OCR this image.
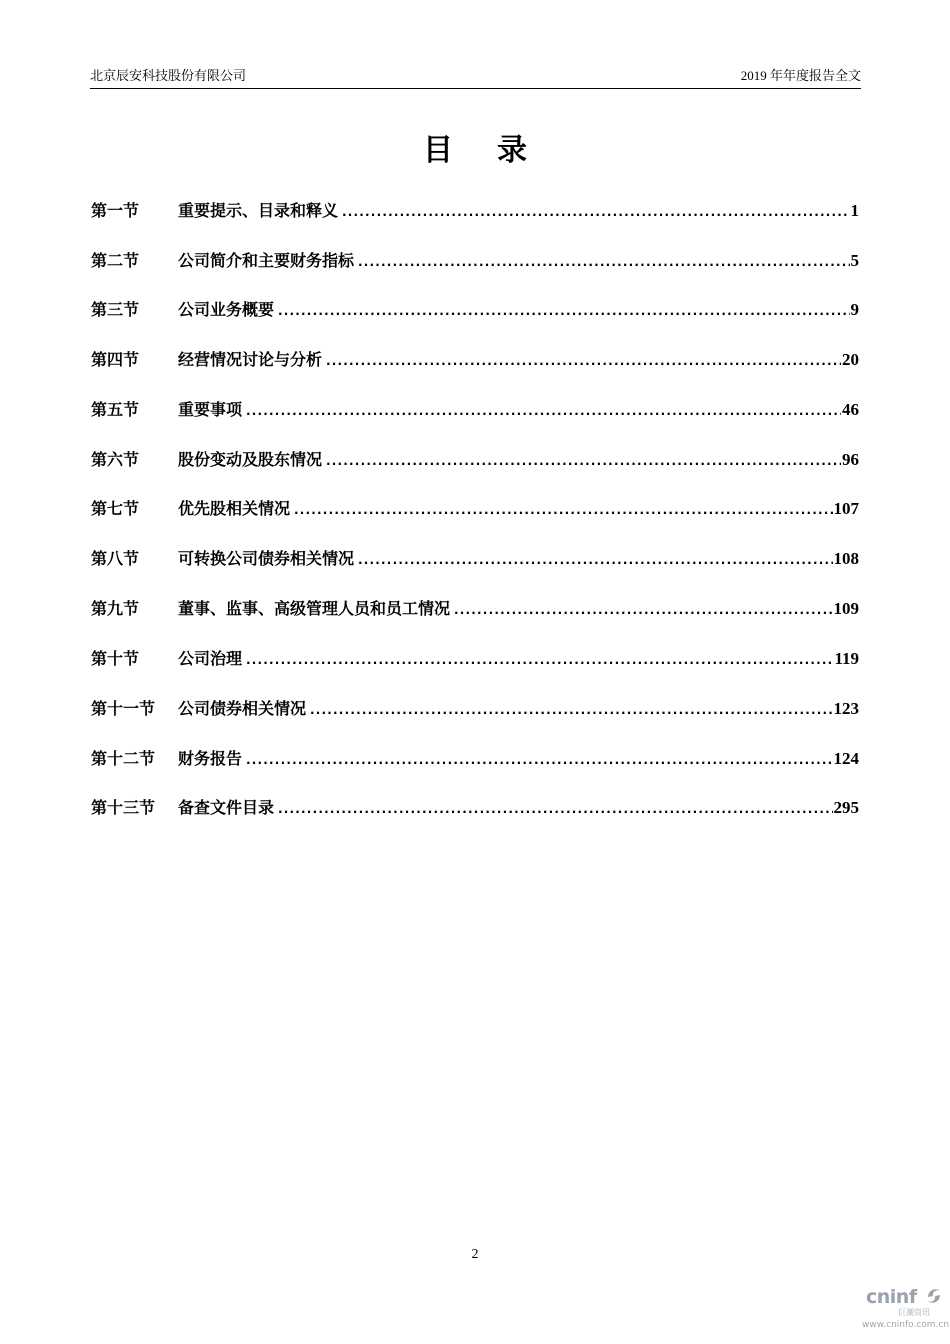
北京辰安科技股份有限公司	2019 年年度报告全文
目 录
第一节	重要提示、目录和释义 .....	1
第二节	公司简介和主要财务指标 .....	5
第三节	公司业务概要 .....	9
第四节	经营情况讨论与分析 .....	20
第五节	重要事项 .....	46
第六节	股份变动及股东情况 .....	96
第七节	优先股相关情况 .....	107
第八节	可转换公司债券相关情况 .....	108
第九节	董事、监事、高级管理人员和员工情况 .....	109
第十节	公司治理 .....	119
第十一节	公司债券相关情况 .....	123
第十二节	财务报告 .....	124
第十三节	备查文件目录 .....	295
2
cninf
巨潮资讯
www.cninfo.com.cn
